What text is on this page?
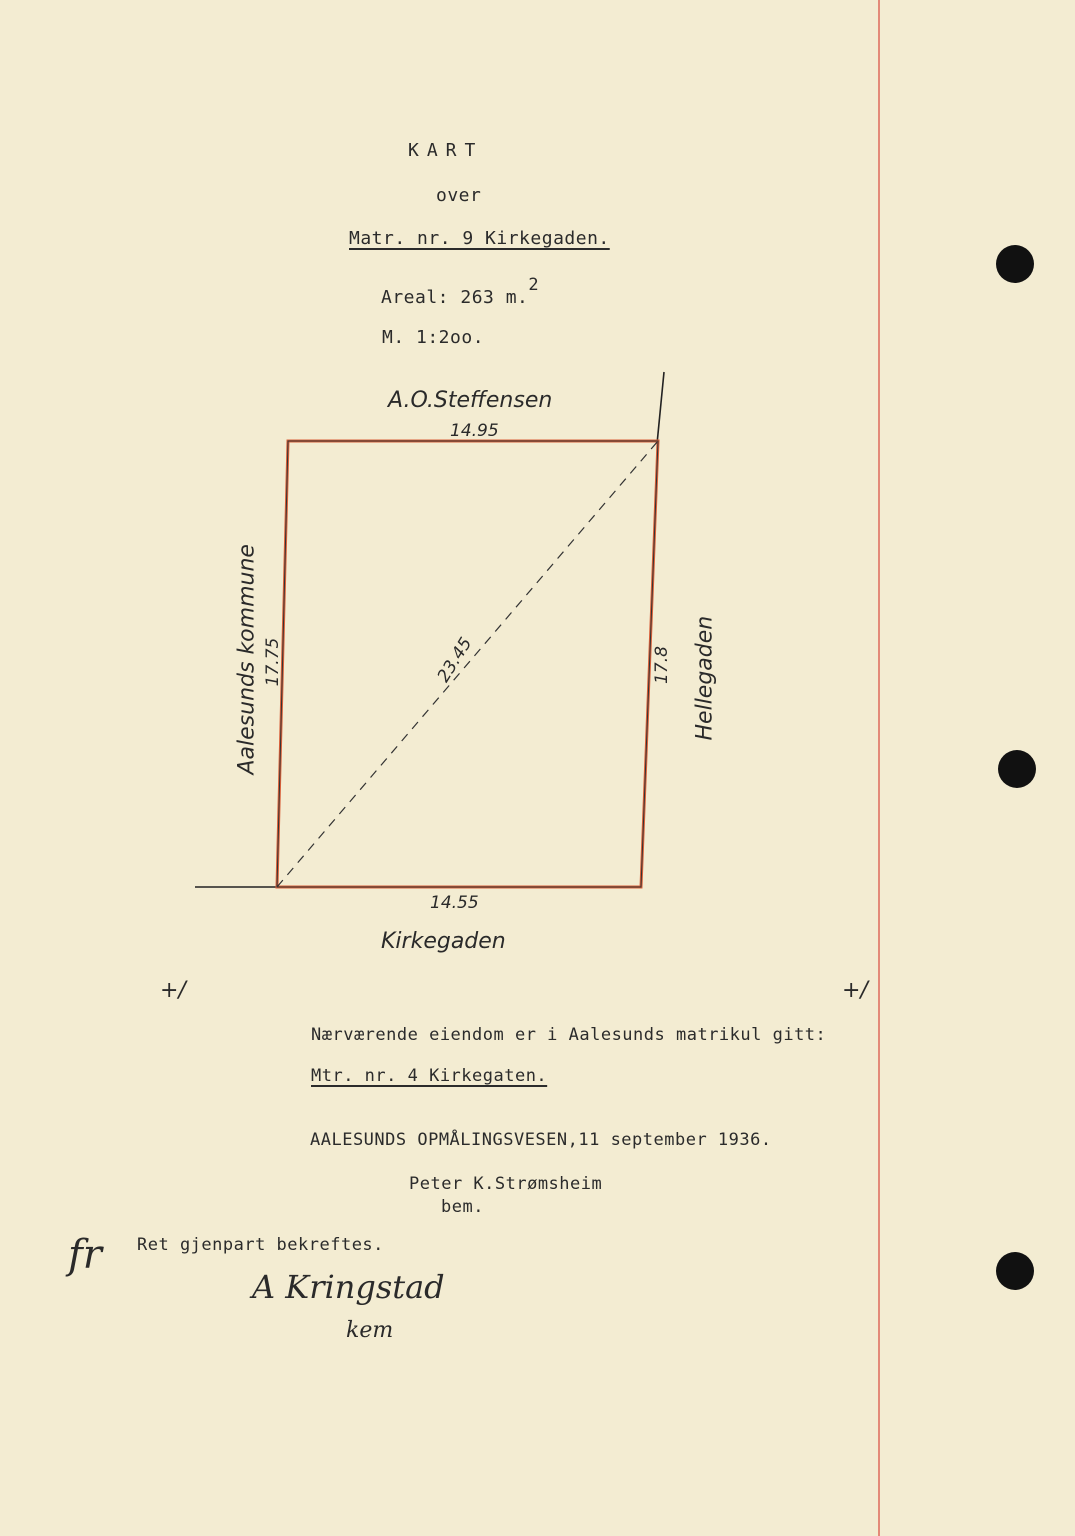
KART
over
Matr. nr. 9 Kirkegaden.
Areal: 263 m.$^2$
M. 1:2oo.
A.O.Steffensen
14.95
Aalesunds kommune 17.75	23.45	17.8 Hellegaden
14.55
Kirkegaden
+/	+/
Nærværende eiendom er i Aalesunds matrikul gitt:
Mtr. nr. 4 Kirkegaten.
AALESUNDS OPMÅLINGSVESEN,11 september 1936.
Peter K.Strømsheim
bem.
Ret gjenpart bekreftes.
fr
A Kringstad
kem
